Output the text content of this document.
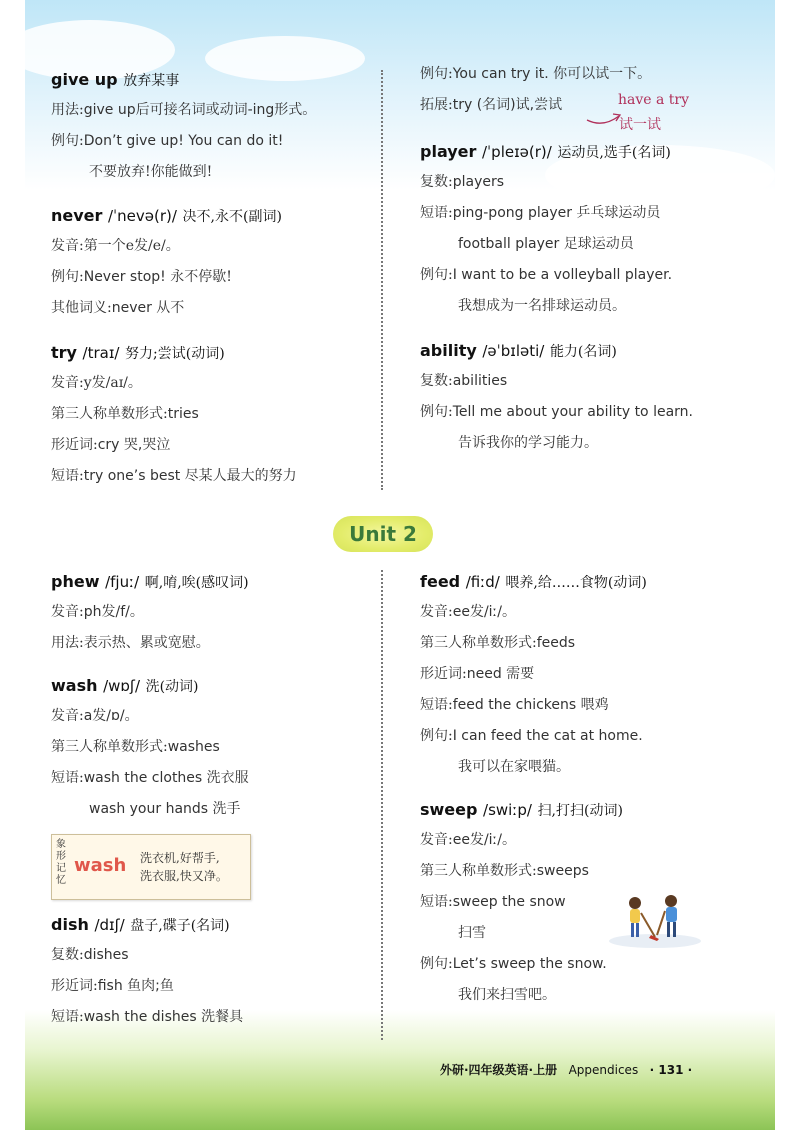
give up 放弃某事
用法:give up后可接名词或动词-ing形式。
例句:Don’t give up! You can do it!
不要放弃!你能做到!
never /ˈnevə(r)/ 决不,永不(副词)
发音:第一个e发/e/。
例句:Never stop! 永不停歇!
其他词义:never 从不
try /traɪ/ 努力;尝试(动词)
发音:y发/aɪ/。
第三人称单数形式:tries
形近词:cry 哭,哭泣
短语:try one’s best 尽某人最大的努力
例句:You can try it. 你可以试一下。
拓展:try (名词)试,尝试	have a try
试一试
player /ˈpleɪə(r)/ 运动员,选手(名词)
复数:players
短语:ping-pong player 乒乓球运动员
football player 足球运动员
例句:I want to be a volleyball player.
我想成为一名排球运动员。
ability /əˈbɪləti/ 能力(名词)
复数:abilities
例句:Tell me about your ability to learn.
告诉我你的学习能力。
Unit 2
phew /fjuː/ 啊,唷,唉(感叹词)
发音:ph发/f/。
用法:表示热、累或宽慰。
wash /wɒʃ/ 洗(动词)
发音:a发/ɒ/。
第三人称单数形式:washes
短语:wash the clothes 洗衣服
wash your hands 洗手
象形记忆
wash 洗衣机,好帮手,
洗衣服,快又净。
dish /dɪʃ/ 盘子,碟子(名词)
复数:dishes
形近词:fish 鱼肉;鱼
短语:wash the dishes 洗餐具
feed /fiːd/ 喂养,给……食物(动词)
发音:ee发/iː/。
第三人称单数形式:feeds
形近词:need 需要
短语:feed the chickens 喂鸡
例句:I can feed the cat at home.
我可以在家喂猫。
sweep /swiːp/ 扫,打扫(动词)
发音:ee发/iː/。
第三人称单数形式:sweeps
短语:sweep the snow
扫雪
例句:Let’s sweep the snow.
我们来扫雪吧。
外研·四年级英语·上册 Appendices · 131 ·
